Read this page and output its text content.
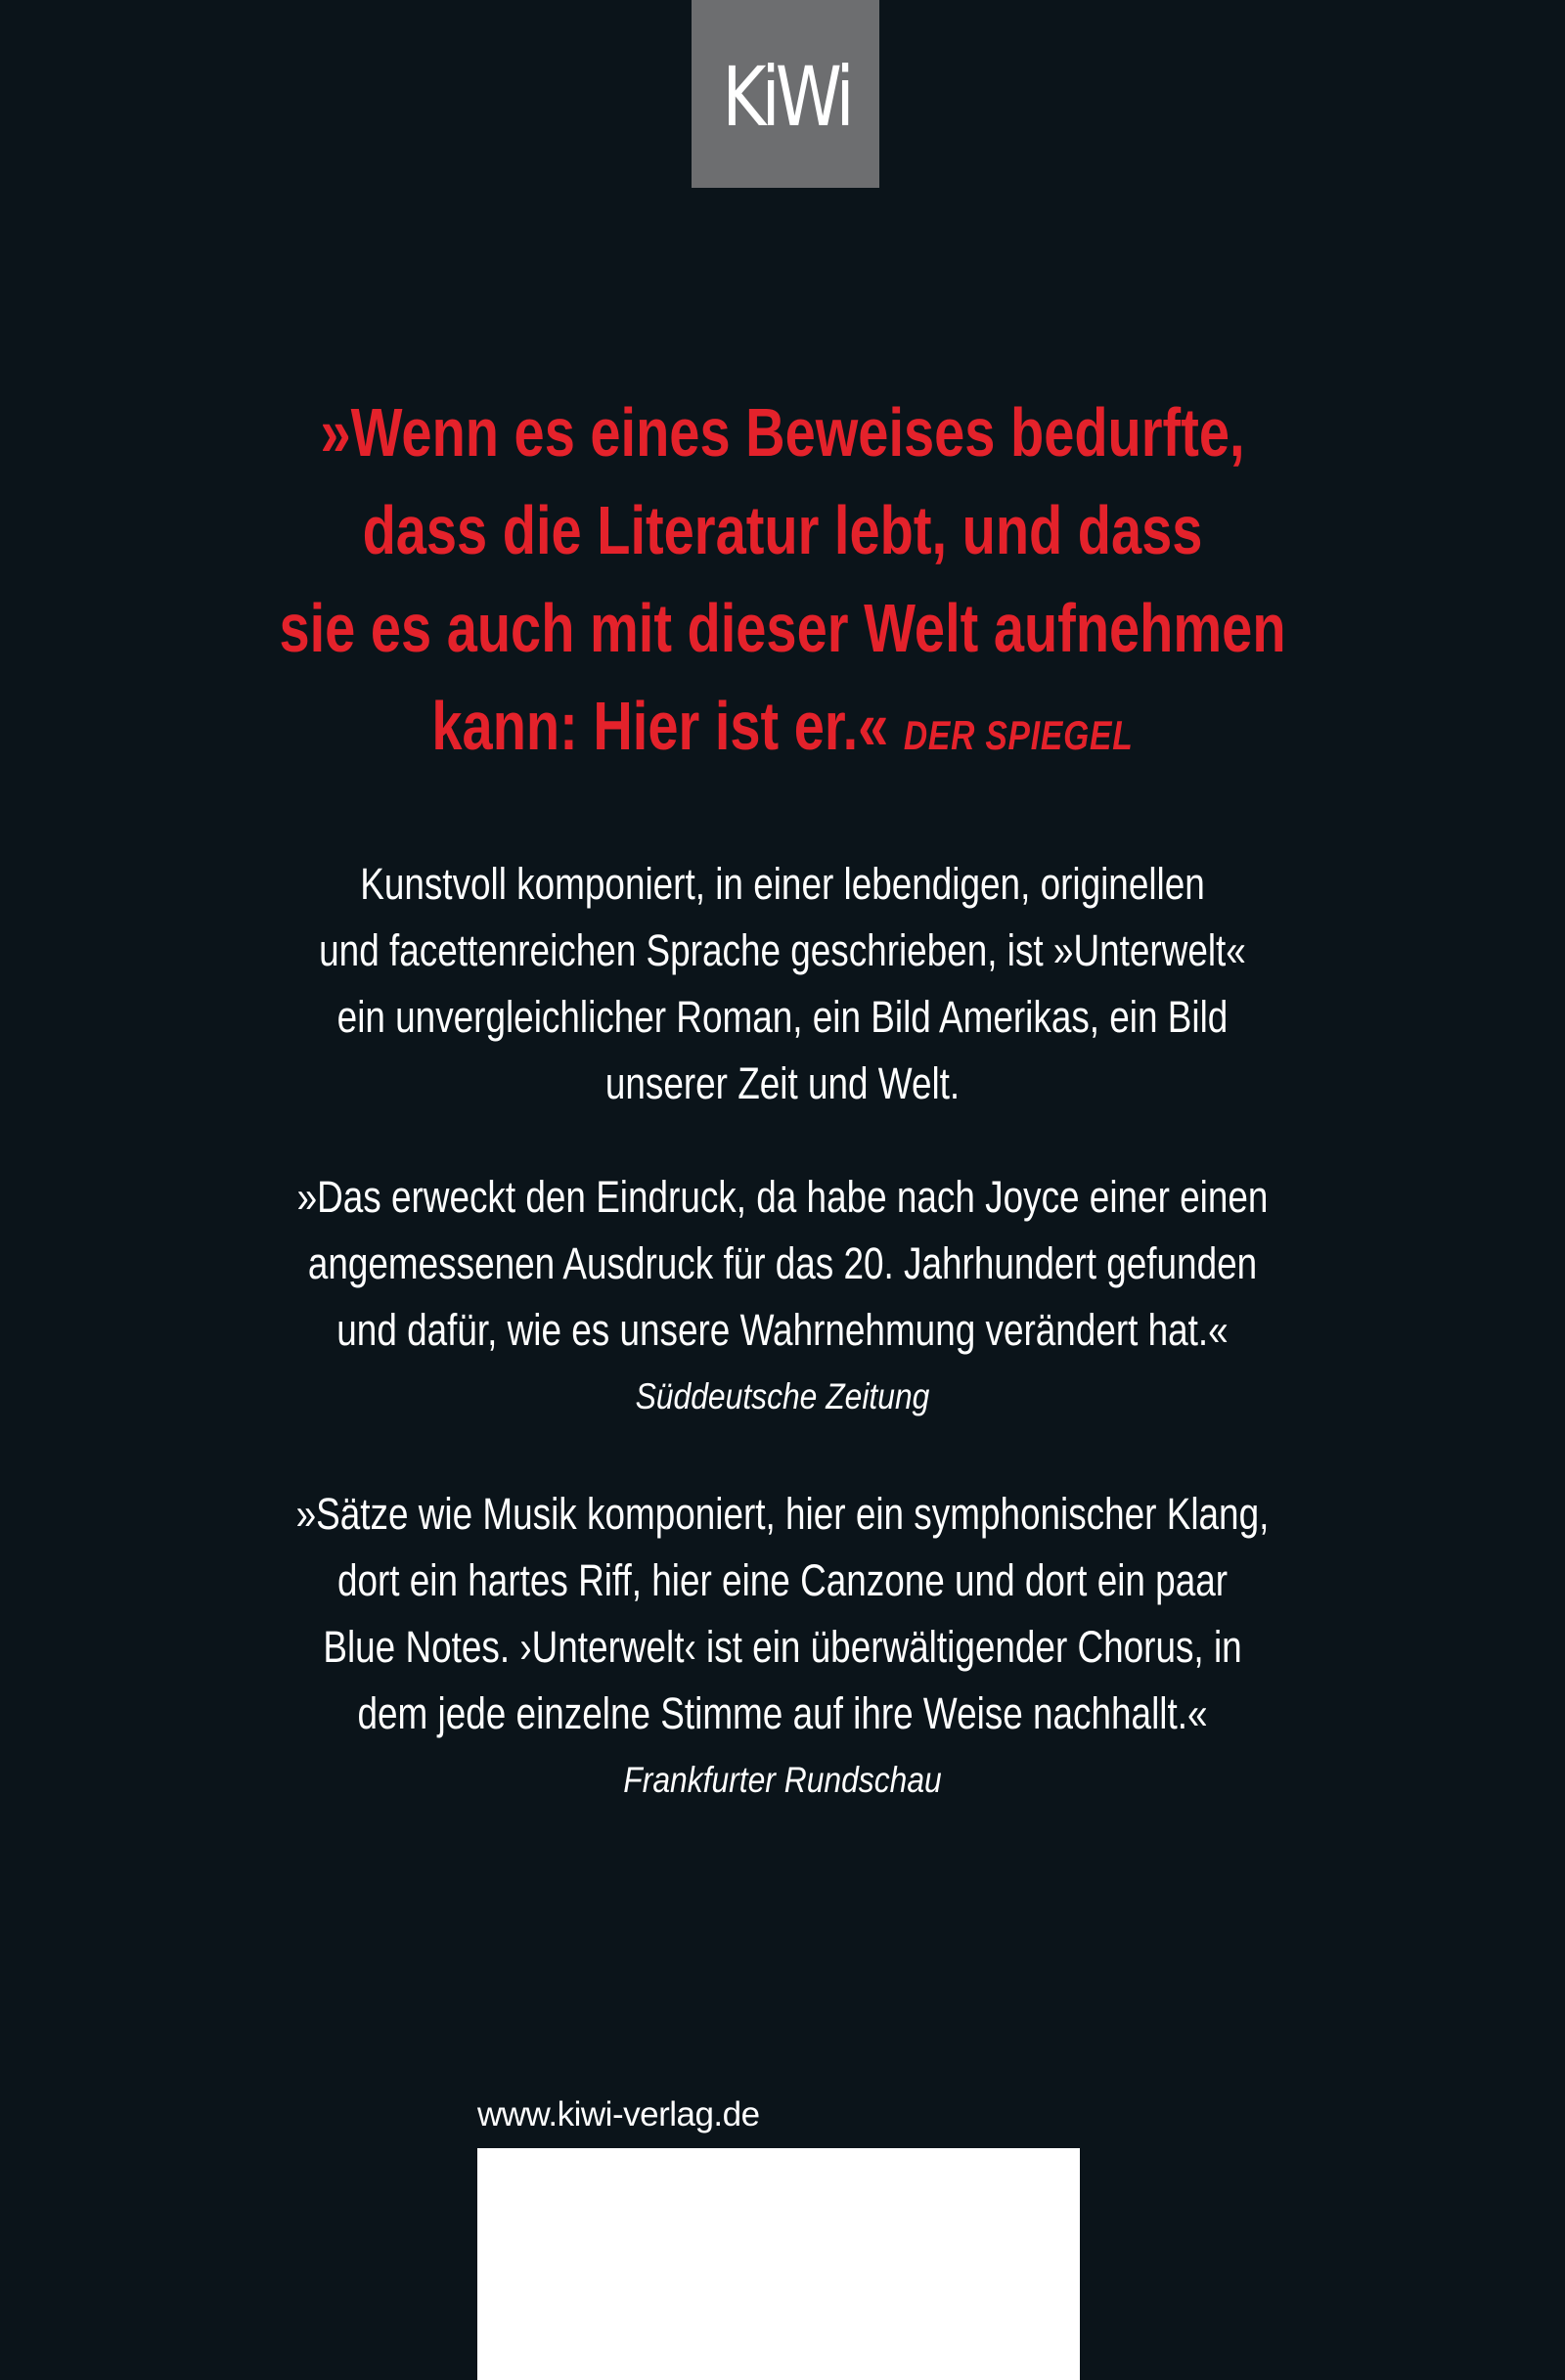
KiWi
»Wenn es eines Beweises bedurfte,
dass die Literatur lebt, und dass
sie es auch mit dieser Welt aufnehmen
kann: Hier ist er.« DER SPIEGEL
Kunstvoll komponiert, in einer lebendigen, originellen
und facettenreichen Sprache geschrieben, ist »Unterwelt«
ein unvergleichlicher Roman, ein Bild Amerikas, ein Bild
unserer Zeit und Welt.
»Das erweckt den Eindruck, da habe nach Joyce einer einen
angemessenen Ausdruck für das 20. Jahrhundert gefunden
und dafür, wie es unsere Wahrnehmung verändert hat.«
Süddeutsche Zeitung
»Sätze wie Musik komponiert, hier ein symphonischer Klang,
dort ein hartes Riff, hier eine Canzone und dort ein paar
Blue Notes. ›Unterwelt‹ ist ein überwältigender Chorus, in
dem jede einzelne Stimme auf ihre Weise nachhallt.«
Frankfurter Rundschau
www.kiwi-verlag.de
